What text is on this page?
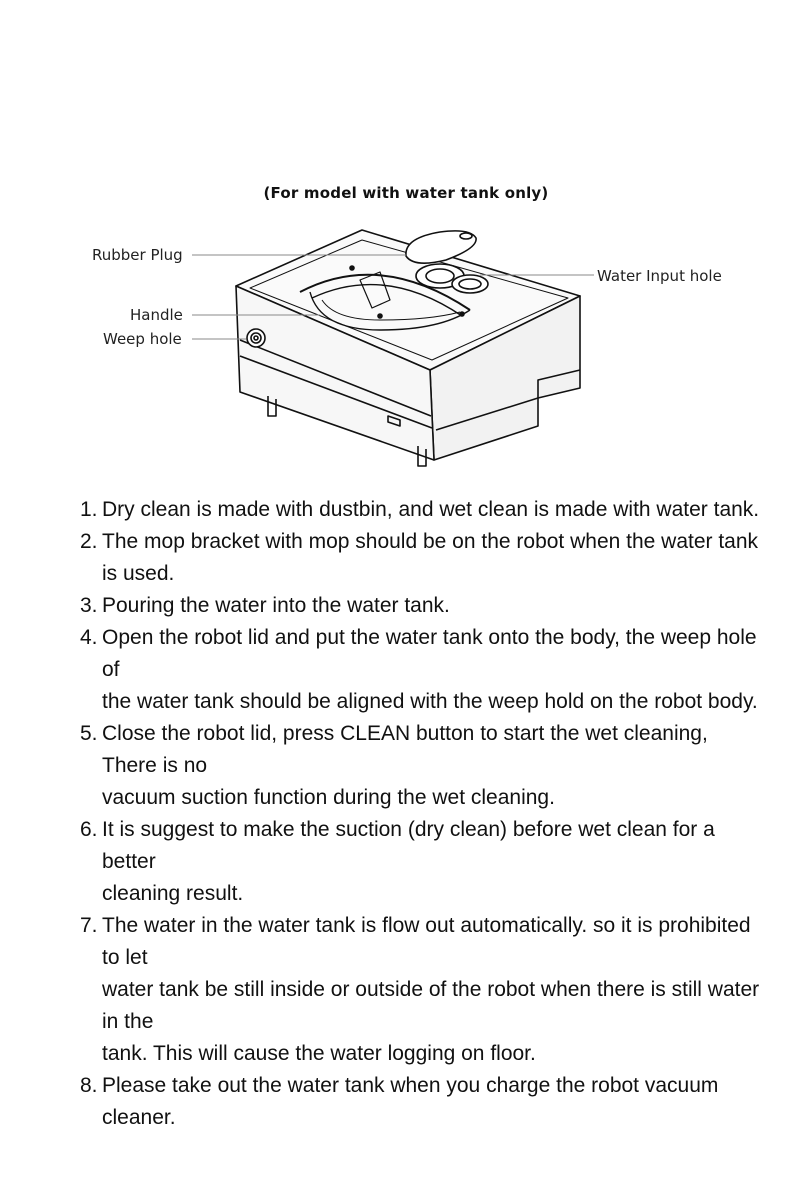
(For model with water tank only)
Rubber Plug
Handle
Weep hole
Water Input hole
1. Dry clean is made with dustbin, and wet clean is made with water tank.
2. The mop bracket with mop should be on the robot when the water tank
is used.
3. Pouring the water into the water tank.
4. Open the robot lid and put the water tank onto the body, the weep hole of
the water tank should be aligned with the weep hold on the robot body.
5. Close the robot lid, press CLEAN button to start the wet cleaning, There is no
vacuum suction function during the wet cleaning.
6. It is suggest to make the suction (dry clean) before wet clean for a better
cleaning result.
7. The water in the water tank is flow out automatically. so it is prohibited to let
water tank be still inside or outside of the robot when there is still water in the
tank. This will cause the water logging on floor.
8. Please take out the water tank when you charge the robot vacuum cleaner.
